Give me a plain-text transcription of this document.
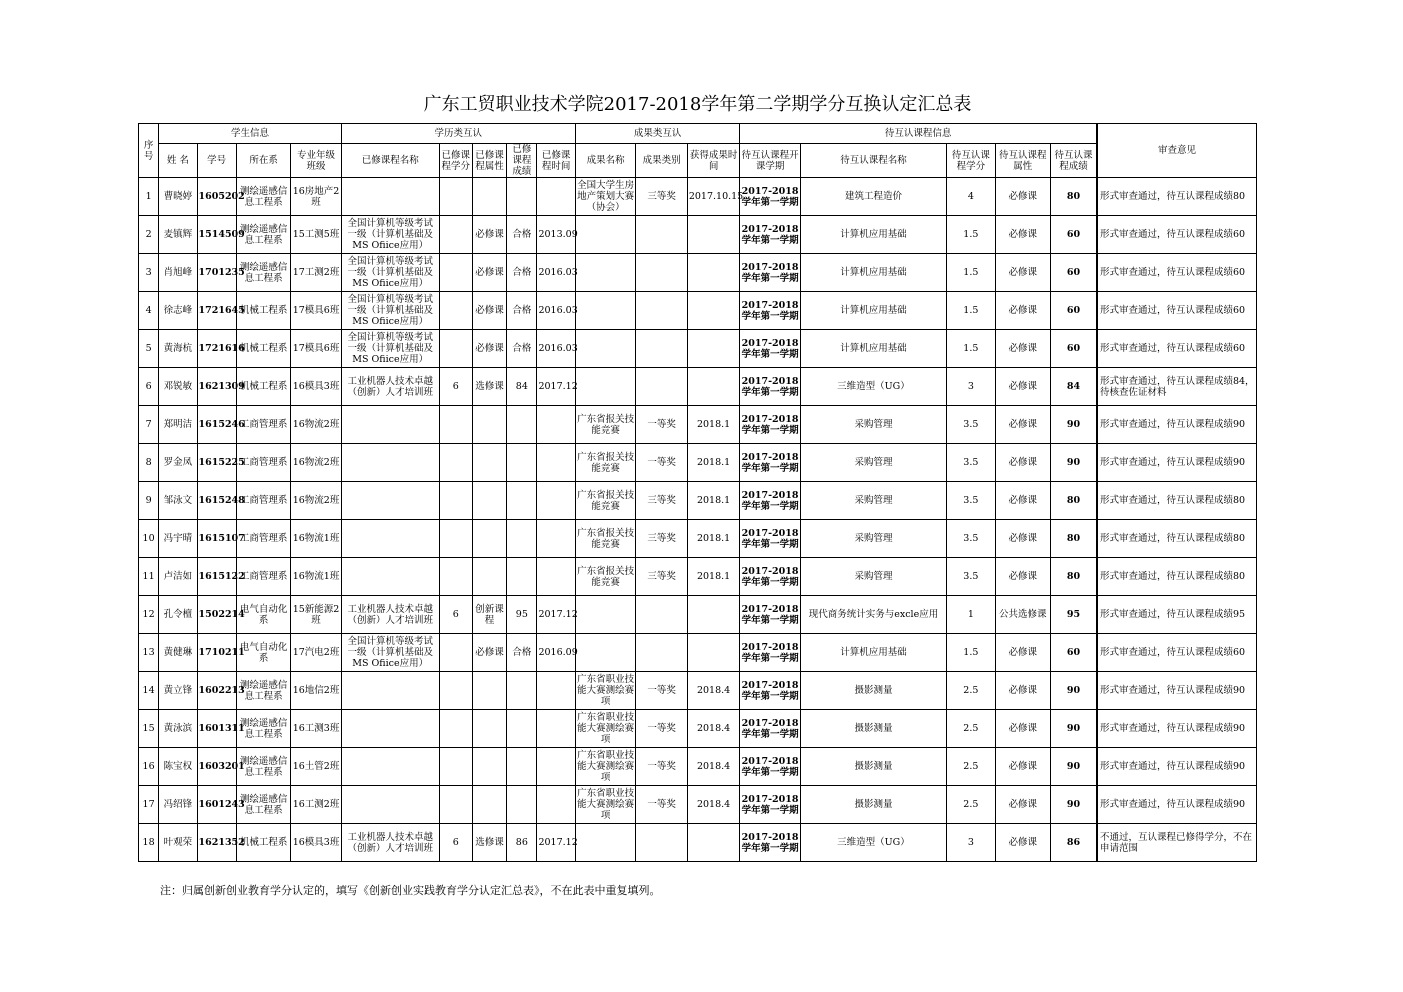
广东工贸职业技术学院2017-2018学年第二学期学分互换认定汇总表
序号	学生信息				学历类互认					成果类互认			待互认课程信息					审查意见
	姓 名	学号	所在系	专业年级班级	已修课程名称	已修课程学分	已修课程属性	已修课程成绩	已修课程时间	成果名称	成果类别	获得成果时间	待互认课程开课学期	待互认课程名称	待互认课程学分	待互认课程属性	待互认课程成绩	
1	曹晓婷	1605202	测绘遥感信息工程系	16房地产2班						全国大学生房地产策划大赛（协会）	三等奖	2017.10.15	2017-2018学年第一学期	建筑工程造价	4	必修课	80	形式审查通过，待互认课程成绩80
2	麦镇辉	1514509	测绘遥感信息工程系	15工测5班	全国计算机等级考试一级（计算机基础及MS Ofiice应用）		必修课	合格	2013.09				2017-2018学年第一学期	计算机应用基础	1.5	必修课	60	形式审查通过，待互认课程成绩60
3	肖旭峰	1701235	测绘遥感信息工程系	17工测2班	全国计算机等级考试一级（计算机基础及MS Ofiice应用）		必修课	合格	2016.03				2017-2018学年第一学期	计算机应用基础	1.5	必修课	60	形式审查通过，待互认课程成绩60
4	徐志峰	1721645	机械工程系	17模具6班	全国计算机等级考试一级（计算机基础及MS Ofiice应用）		必修课	合格	2016.03				2017-2018学年第一学期	计算机应用基础	1.5	必修课	60	形式审查通过，待互认课程成绩60
5	黄海杭	1721616	机械工程系	17模具6班	全国计算机等级考试一级（计算机基础及MS Ofiice应用）		必修课	合格	2016.03				2017-2018学年第一学期	计算机应用基础	1.5	必修课	60	形式审查通过，待互认课程成绩60
6	邓锐敏	1621309	机械工程系	16模具3班	工业机器人技术卓越（创新）人才培训班	6	选修课	84	2017.12				2017-2018学年第一学期	三维造型（UG）	3	必修课	84	形式审查通过，待互认课程成绩84，待核查佐证材料
7	郑明洁	1615246	工商管理系	16物流2班						广东省报关技能竞赛	一等奖	2018.1	2017-2018学年第一学期	采购管理	3.5	必修课	90	形式审查通过，待互认课程成绩90
8	罗金凤	1615225	工商管理系	16物流2班						广东省报关技能竞赛	一等奖	2018.1	2017-2018学年第一学期	采购管理	3.5	必修课	90	形式审查通过，待互认课程成绩90
9	邹泳文	1615248	工商管理系	16物流2班						广东省报关技能竞赛	三等奖	2018.1	2017-2018学年第一学期	采购管理	3.5	必修课	80	形式审查通过，待互认课程成绩80
10	冯宇晴	1615107	工商管理系	16物流1班						广东省报关技能竞赛	三等奖	2018.1	2017-2018学年第一学期	采购管理	3.5	必修课	80	形式审查通过，待互认课程成绩80
11	卢洁如	1615122	工商管理系	16物流1班						广东省报关技能竞赛	三等奖	2018.1	2017-2018学年第一学期	采购管理	3.5	必修课	80	形式审查通过，待互认课程成绩80
12	孔令檀	1502214	电气自动化系	15新能源2班	工业机器人技术卓越（创新）人才培训班	6	创新课程	95	2017.12				2017-2018学年第一学期	现代商务统计实务与excle应用	1	公共选修课	95	形式审查通过，待互认课程成绩95
13	黄健琳	1710211	电气自动化系	17汽电2班	全国计算机等级考试一级（计算机基础及MS Ofiice应用）		必修课	合格	2016.09				2017-2018学年第一学期	计算机应用基础	1.5	必修课	60	形式审查通过，待互认课程成绩60
14	黄立锋	1602213	测绘遥感信息工程系	16地信2班						广东省职业技能大赛测绘赛项	一等奖	2018.4	2017-2018学年第一学期	摄影测量	2.5	必修课	90	形式审查通过，待互认课程成绩90
15	黄泳滨	1601311	测绘遥感信息工程系	16工测3班						广东省职业技能大赛测绘赛项	一等奖	2018.4	2017-2018学年第一学期	摄影测量	2.5	必修课	90	形式审查通过，待互认课程成绩90
16	陈宝权	1603201	测绘遥感信息工程系	16土管2班						广东省职业技能大赛测绘赛项	一等奖	2018.4	2017-2018学年第一学期	摄影测量	2.5	必修课	90	形式审查通过，待互认课程成绩90
17	冯绍锋	1601243	测绘遥感信息工程系	16工测2班						广东省职业技能大赛测绘赛项	一等奖	2018.4	2017-2018学年第一学期	摄影测量	2.5	必修课	90	形式审查通过，待互认课程成绩90
18	叶观荣	1621352	机械工程系	16模具3班	工业机器人技术卓越（创新）人才培训班	6	选修课	86	2017.12				2017-2018学年第一学期	三维造型（UG）	3	必修课	86	不通过，互认课程已修得学分，不在申请范围
注：归属创新创业教育学分认定的，填写《创新创业实践教育学分认定汇总表》，不在此表中重复填列。
